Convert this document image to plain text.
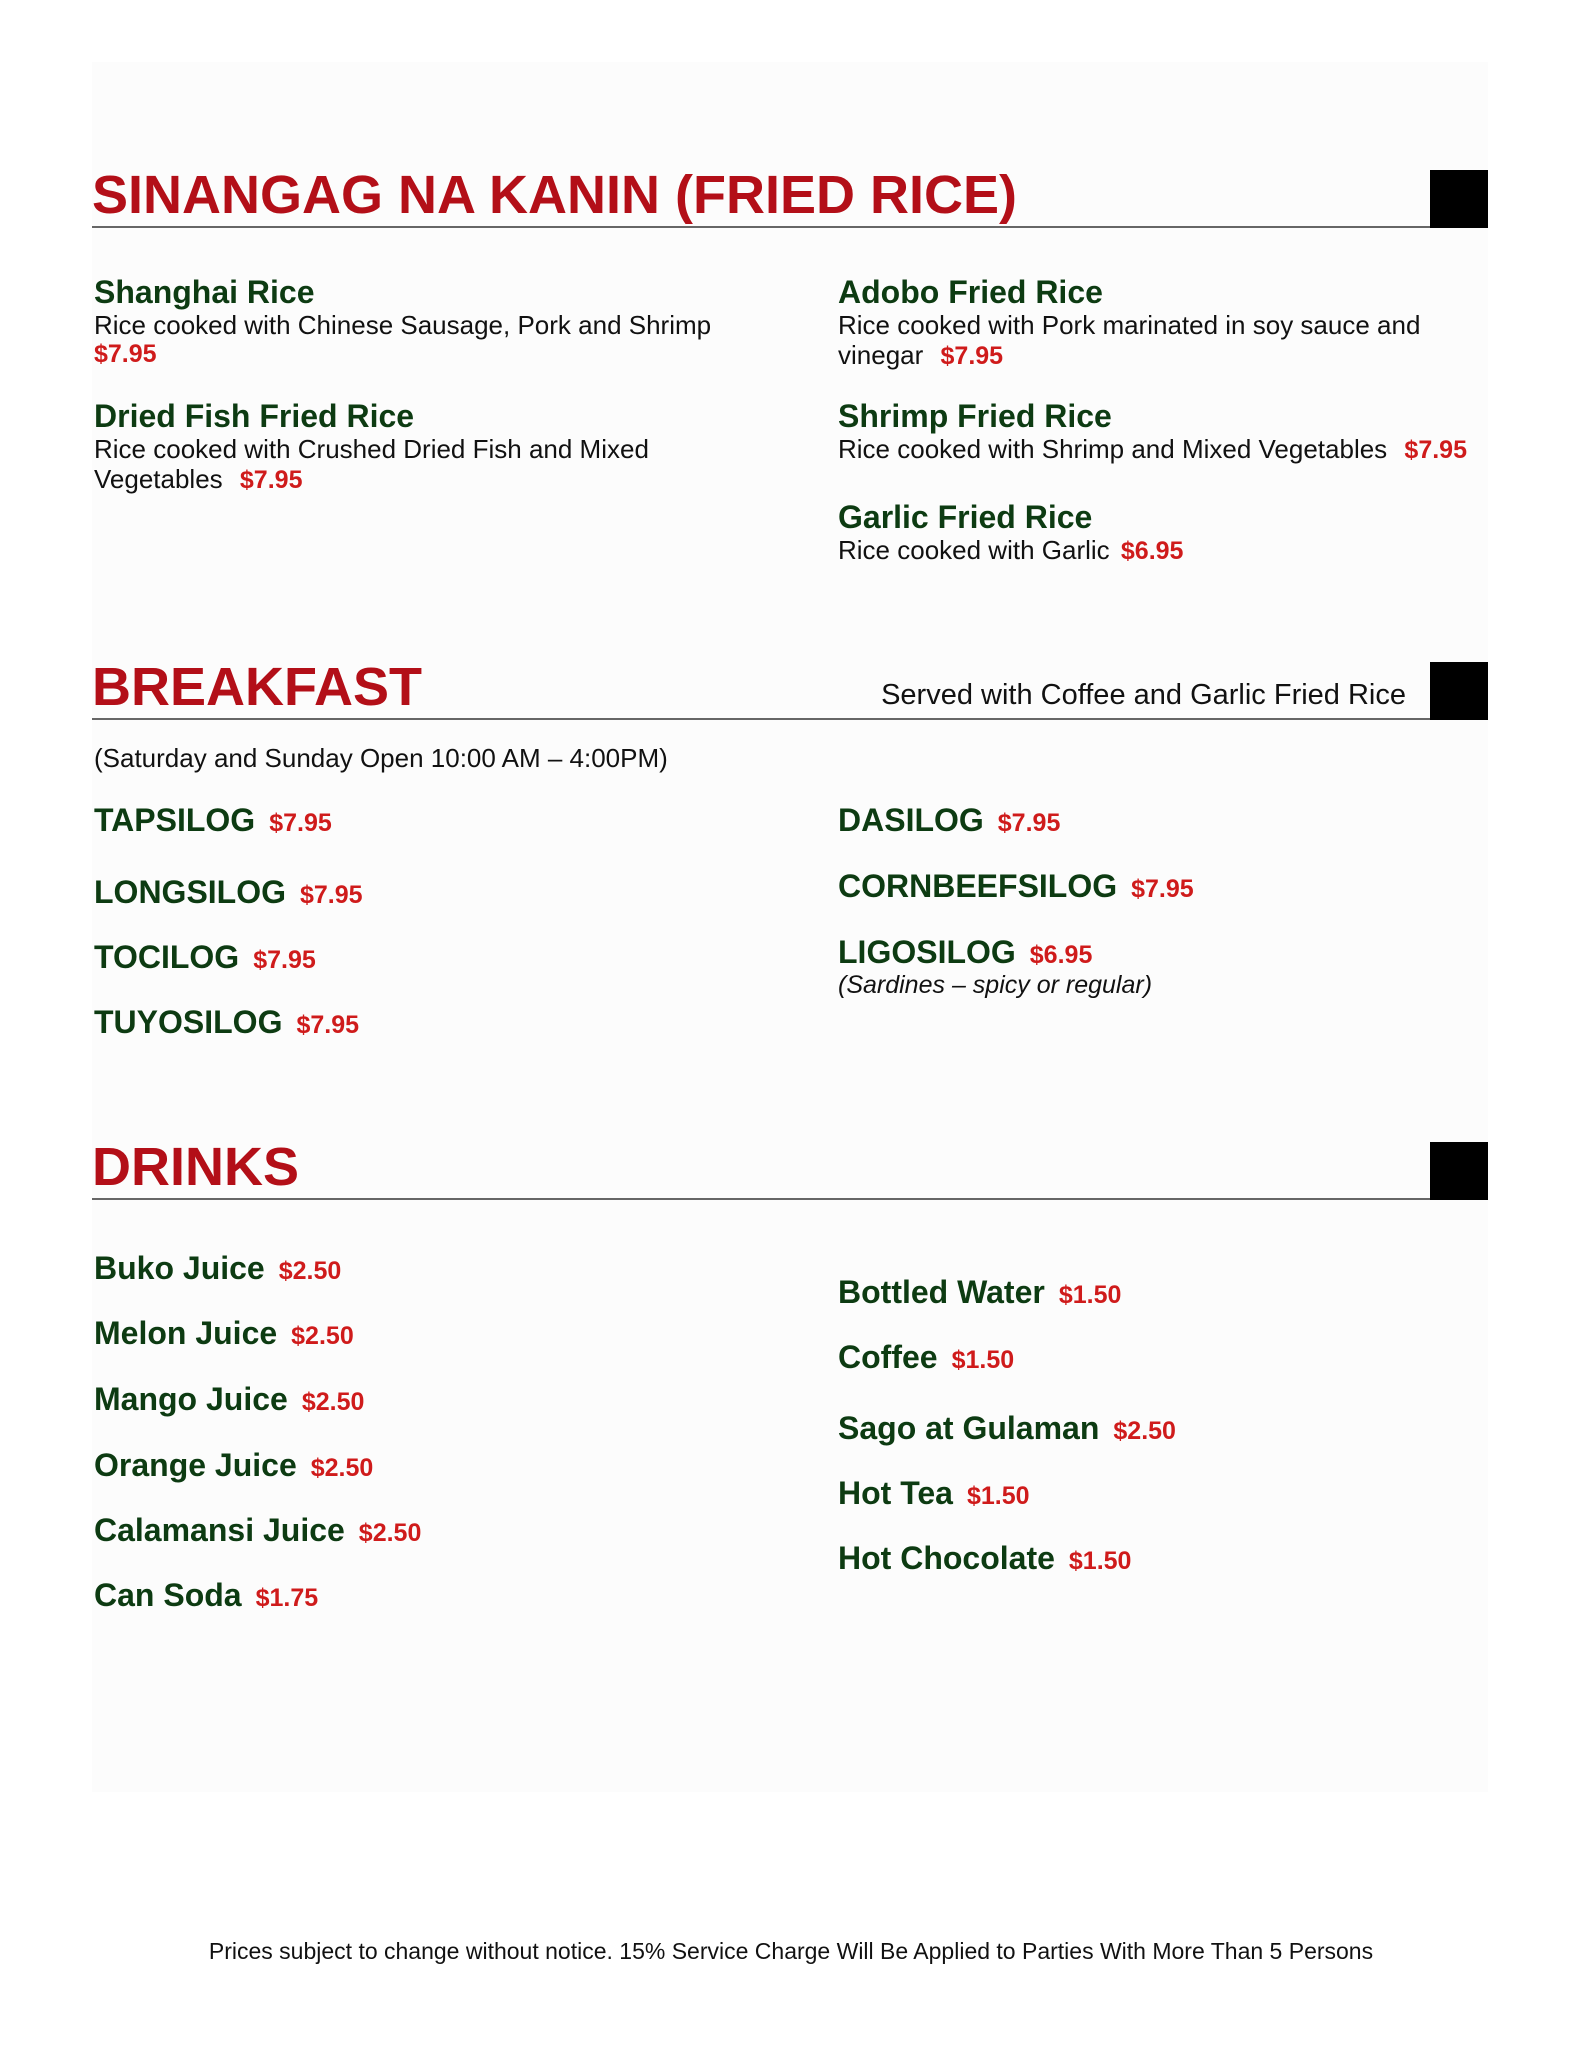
SINANGAG NA KANIN (FRIED RICE)
Shanghai Rice
Rice cooked with Chinese Sausage, Pork and Shrimp
$7.95
Dried Fish Fried Rice
Rice cooked with Crushed Dried Fish and Mixed Vegetables $7.95
Adobo Fried Rice
Rice cooked with Pork marinated in soy sauce and vinegar $7.95
Shrimp Fried Rice
Rice cooked with Shrimp and Mixed Vegetables $7.95
Garlic Fried Rice
Rice cooked with Garlic $6.95
BREAKFAST	Served with Coffee and Garlic Fried Rice
(Saturday and Sunday Open 10:00 AM – 4:00PM)
TAPSILOG $7.95
LONGSILOG $7.95
TOCILOG $7.95
TUYOSILOG $7.95
DASILOG $7.95
CORNBEEFSILOG $7.95
LIGOSILOG $6.95
(Sardines – spicy or regular)
DRINKS
Buko Juice $2.50
Melon Juice $2.50
Mango Juice $2.50
Orange Juice $2.50
Calamansi Juice $2.50
Can Soda $1.75
Bottled Water $1.50
Coffee $1.50
Sago at Gulaman $2.50
Hot Tea $1.50
Hot Chocolate $1.50
Prices subject to change without notice. 15% Service Charge Will Be Applied to Parties With More Than 5 Persons
